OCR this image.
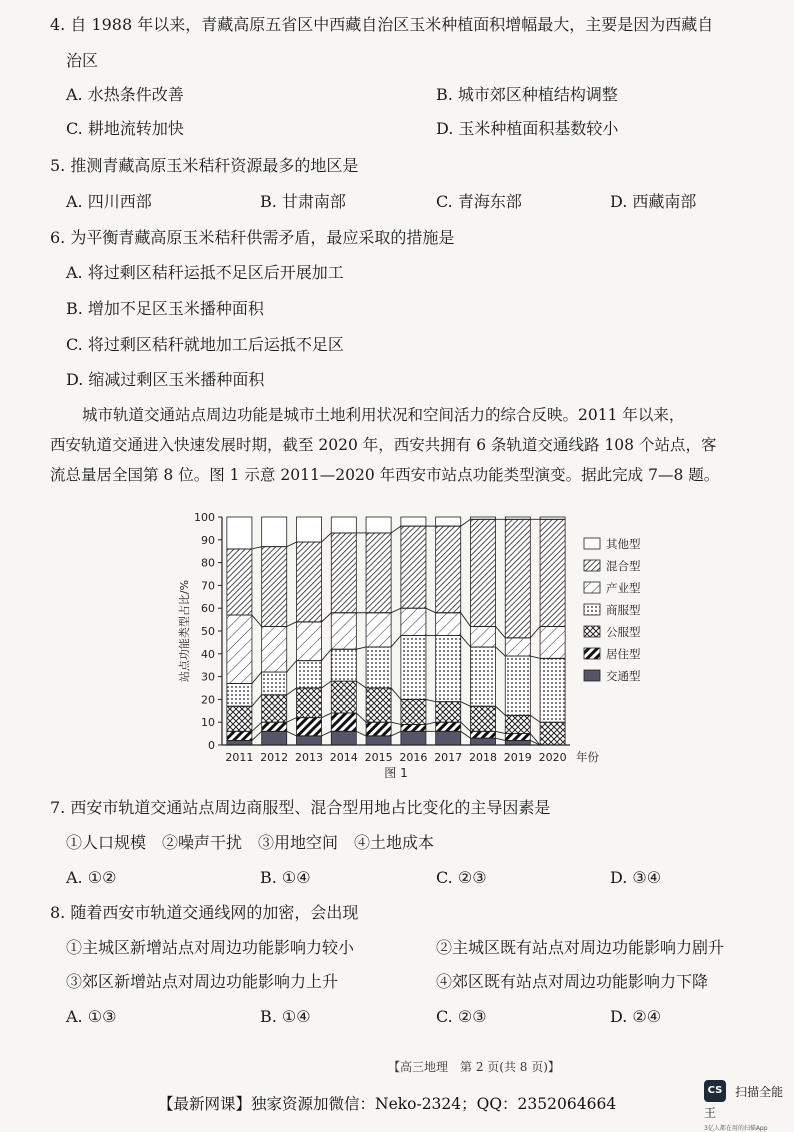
4. 自 1988 年以来，青藏高原五省区中西藏自治区玉米种植面积增幅最大，主要是因为西藏自
治区
A. 水热条件改善	B. 城市郊区种植结构调整
C. 耕地流转加快	D. 玉米种植面积基数较小
5. 推测青藏高原玉米秸秆资源最多的地区是
A. 四川西部	B. 甘肃南部	C. 青海东部	D. 西藏南部
6. 为平衡青藏高原玉米秸秆供需矛盾，最应采取的措施是
A. 将过剩区秸秆运抵不足区后开展加工
B. 增加不足区玉米播种面积
C. 将过剩区秸秆就地加工后运抵不足区
D. 缩减过剩区玉米播种面积
城市轨道交通站点周边功能是城市土地利用状况和空间活力的综合反映。2011 年以来，
西安轨道交通进入快速发展时期，截至 2020 年，西安共拥有 6 条轨道交通线路 108 个站点，客
流总量居全国第 8 位。图 1 示意 2011—2020 年西安市站点功能类型演变。据此完成 7—8 题。
0
10
20
30
40
50
60
70
80
90
100
站点功能类型占比/%
2011 2012 2013 2014 2015 2016 2017 2018 2019 2020 年份
图 1
其他型
混合型
产业型
商服型
公服型
居住型
交通型
7. 西安市轨道交通站点周边商服型、混合型用地占比变化的主导因素是
①人口规模　②噪声干扰　③用地空间　④土地成本
A. ①②	B. ①④	C. ②③	D. ③④
8. 随着西安市轨道交通线网的加密，会出现
①主城区新增站点对周边功能影响力较小	②主城区既有站点对周边功能影响力剧升
③郊区新增站点对周边功能影响力上升	④郊区既有站点对周边功能影响力下降
A. ①③	B. ①④	C. ②③	D. ②④
【高三地理　第 2 页(共 8 页)】
【最新网课】独家资源加微信：Neko-2324；QQ：2352064664
CS 扫描全能王
3亿人都在用的扫描App
